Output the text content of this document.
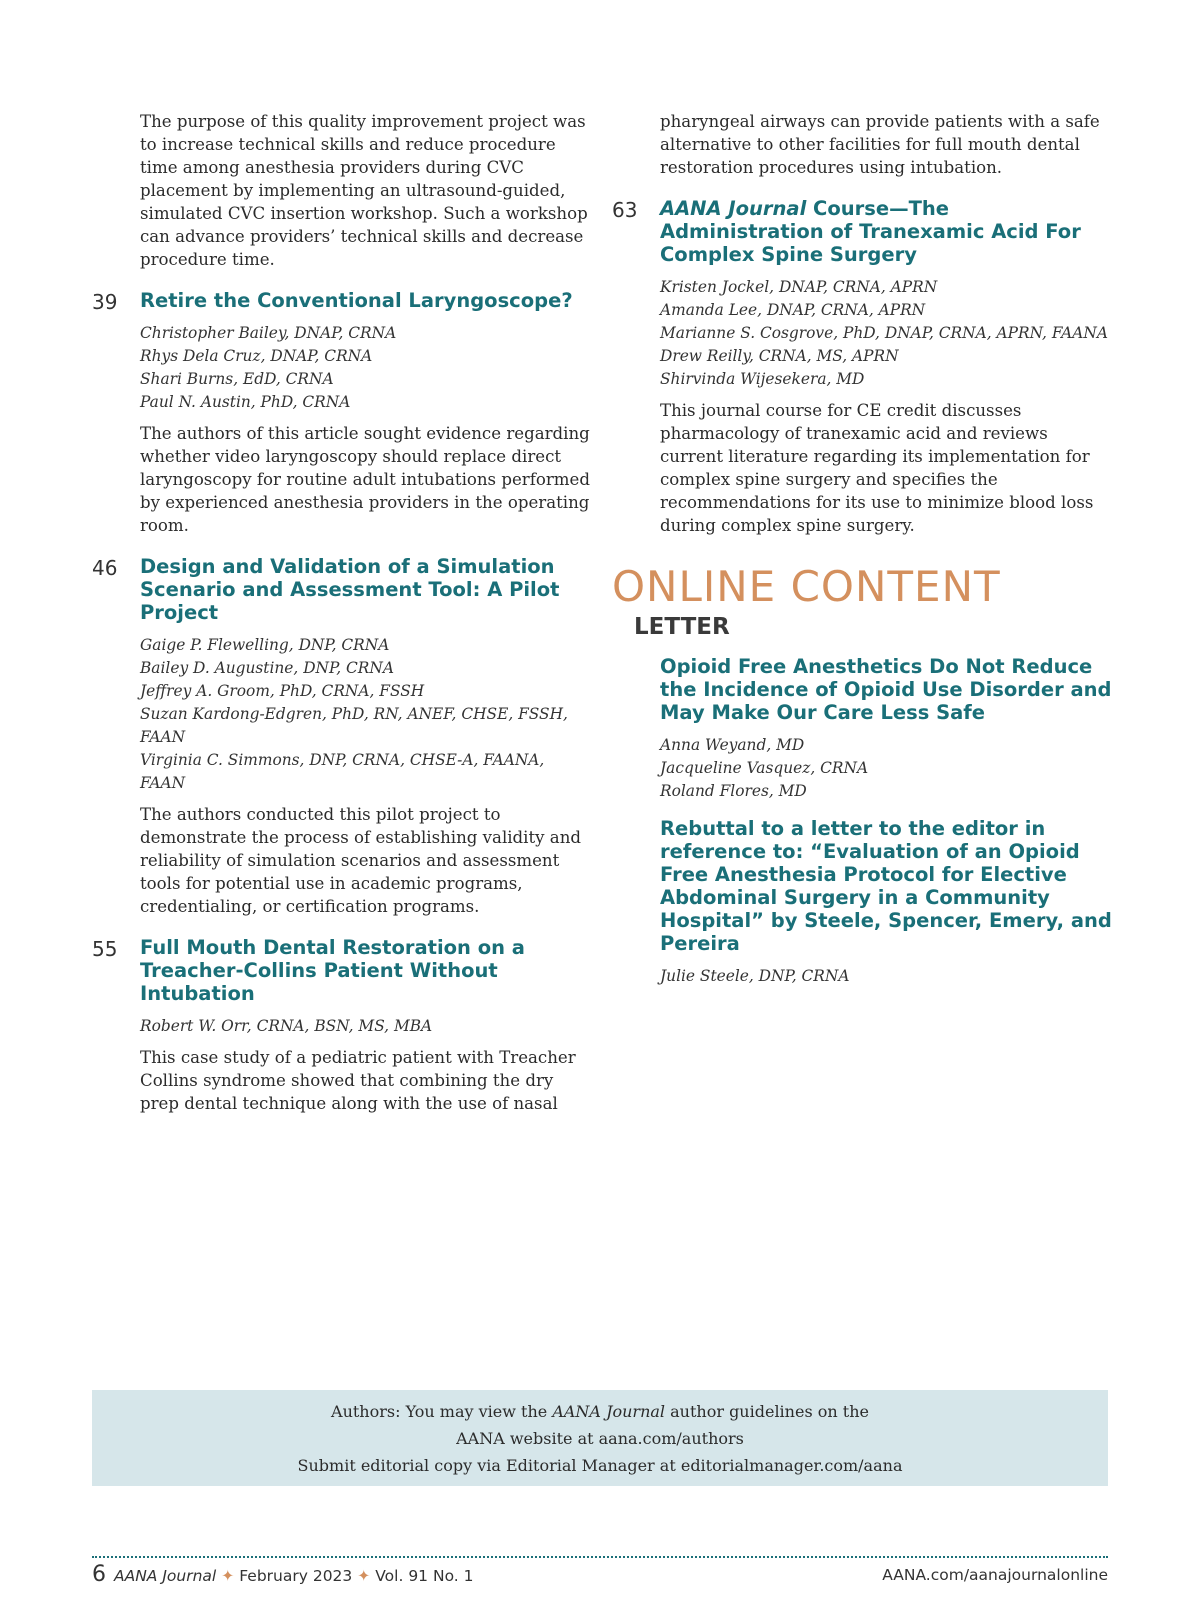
The purpose of this quality improvement project was to increase technical skills and reduce procedure time among anesthesia providers during CVC placement by implementing an ultrasound-guided, simulated CVC insertion workshop. Such a workshop can advance providers’ technical skills and decrease procedure time.

39 Retire the Conventional Laryngoscope?
Christopher Bailey, DNAP, CRNA
Rhys Dela Cruz, DNAP, CRNA
Shari Burns, EdD, CRNA
Paul N. Austin, PhD, CRNA

The authors of this article sought evidence regarding whether video laryngoscopy should replace direct laryngoscopy for routine adult intubations performed by experienced anesthesia providers in the operating room.

46 Design and Validation of a Simulation Scenario and Assessment Tool: A Pilot Project
Gaige P. Flewelling, DNP, CRNA
Bailey D. Augustine, DNP, CRNA
Jeffrey A. Groom, PhD, CRNA, FSSH
Suzan Kardong-Edgren, PhD, RN, ANEF, CHSE, FSSH, FAAN
Virginia C. Simmons, DNP, CRNA, CHSE-A, FAANA, FAAN

The authors conducted this pilot project to demonstrate the process of establishing validity and reliability of simulation scenarios and assessment tools for potential use in academic programs, credentialing, or certification programs.

55 Full Mouth Dental Restoration on a Treacher-Collins Patient Without Intubation
Robert W. Orr, CRNA, BSN, MS, MBA

This case study of a pediatric patient with Treacher Collins syndrome showed that combining the dry prep dental technique along with the use of nasal

pharyngeal airways can provide patients with a safe alternative to other facilities for full mouth dental restoration procedures using intubation.

63 AANA Journal Course—The Administration of Tranexamic Acid For Complex Spine Surgery
Kristen Jockel, DNAP, CRNA, APRN
Amanda Lee, DNAP, CRNA, APRN
Marianne S. Cosgrove, PhD, DNAP, CRNA, APRN, FAANA
Drew Reilly, CRNA, MS, APRN
Shirvinda Wijesekera, MD

This journal course for CE credit discusses pharmacology of tranexamic acid and reviews current literature regarding its implementation for complex spine surgery and specifies the recommendations for its use to minimize blood loss during complex spine surgery.

ONLINE CONTENT
LETTER
Opioid Free Anesthetics Do Not Reduce the Incidence of Opioid Use Disorder and May Make Our Care Less Safe
Anna Weyand, MD
Jacqueline Vasquez, CRNA
Roland Flores, MD
Rebuttal to a letter to the editor in reference to: “Evaluation of an Opioid Free Anesthesia Protocol for Elective Abdominal Surgery in a Community Hospital” by Steele, Spencer, Emery, and Pereira
Julie Steele, DNP, CRNA

Authors: You may view the AANA Journal author guidelines on the

AANA website at aana.com/authors

Submit editorial copy via Editorial Manager at editorialmanager.com/aana

6 AANA Journal ✦ February 2023 ✦ Vol. 91 No. 1	AANA.com/aanajournalonline
